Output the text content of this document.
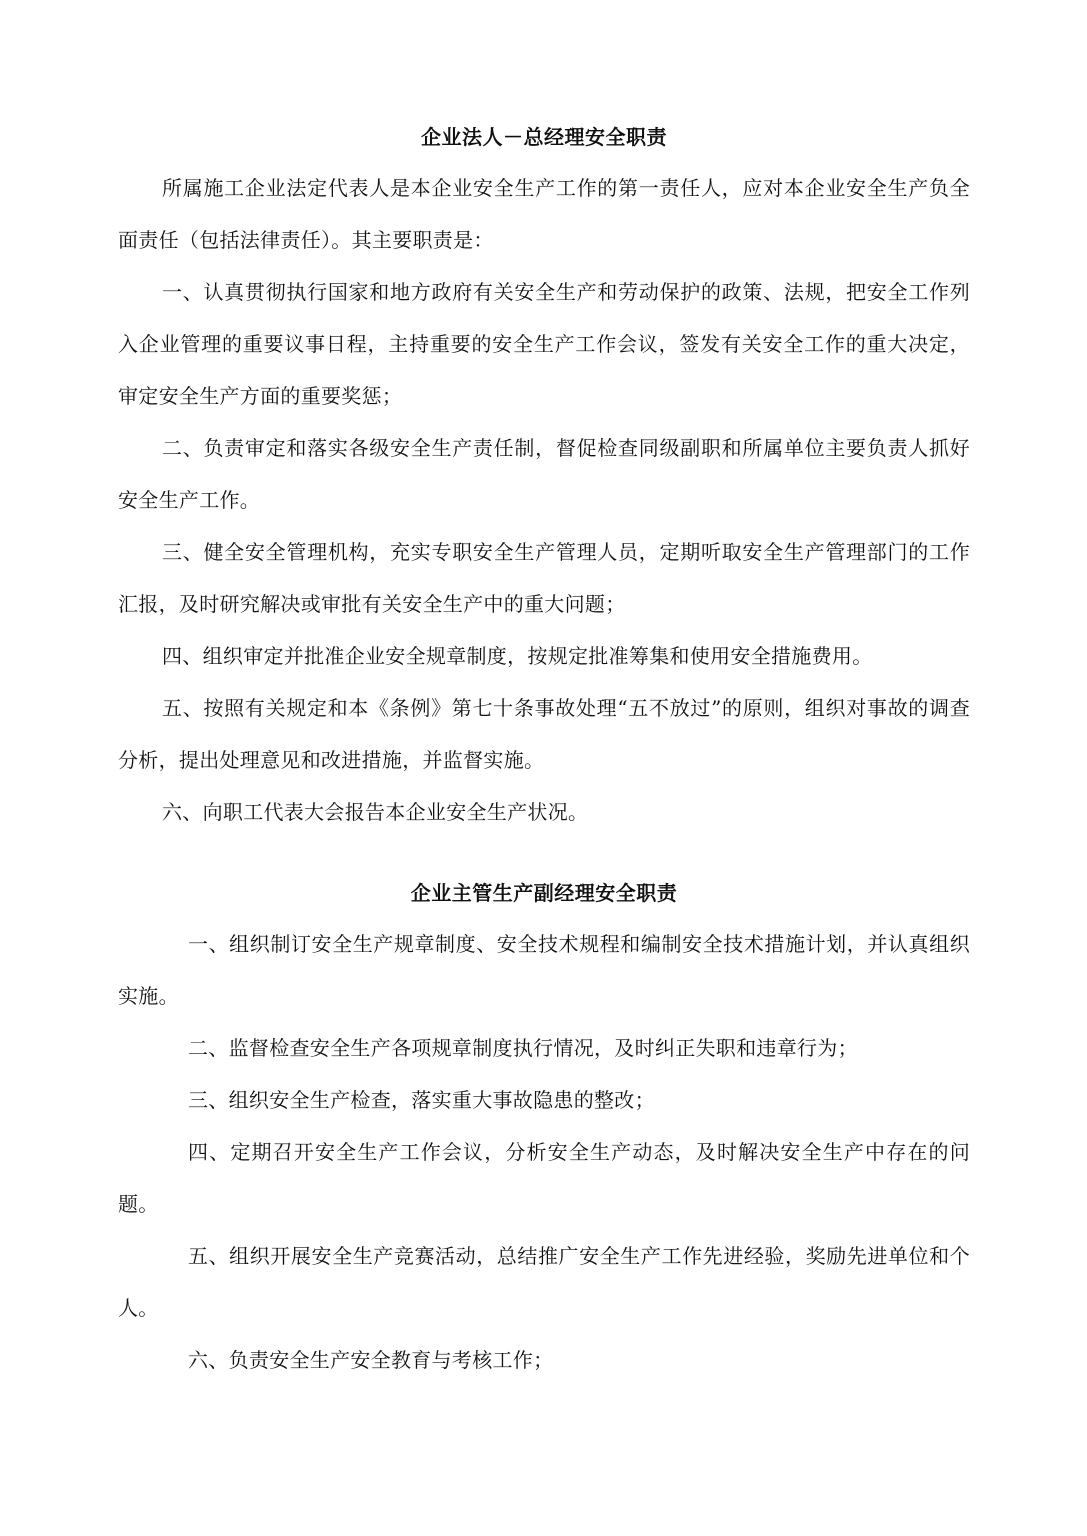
企业法人－总经理安全职责

所属施工企业法定代表人是本企业安全生产工作的第一责任人，应对本企业安全生产负全面责任（包括法律责任）。其主要职责是：

一、认真贯彻执行国家和地方政府有关安全生产和劳动保护的政策、法规，把安全工作列入企业管理的重要议事日程，主持重要的安全生产工作会议，签发有关安全工作的重大决定，审定安全生产方面的重要奖惩；

二、负责审定和落实各级安全生产责任制，督促检查同级副职和所属单位主要负责人抓好安全生产工作。

三、健全安全管理机构，充实专职安全生产管理人员，定期听取安全生产管理部门的工作汇报，及时研究解决或审批有关安全生产中的重大问题；

四、组织审定并批准企业安全规章制度，按规定批准筹集和使用安全措施费用。

五、按照有关规定和本《条例》第七十条事故处理“五不放过”的原则，组织对事故的调查分析，提出处理意见和改进措施，并监督实施。

六、向职工代表大会报告本企业安全生产状况。

企业主管生产副经理安全职责

一、组织制订安全生产规章制度、安全技术规程和编制安全技术措施计划，并认真组织实施。

二、监督检查安全生产各项规章制度执行情况，及时纠正失职和违章行为；

三、组织安全生产检查，落实重大事故隐患的整改；

四、定期召开安全生产工作会议，分析安全生产动态，及时解决安全生产中存在的问题。

五、组织开展安全生产竞赛活动，总结推广安全生产工作先进经验，奖励先进单位和个人。

六、负责安全生产安全教育与考核工作；
